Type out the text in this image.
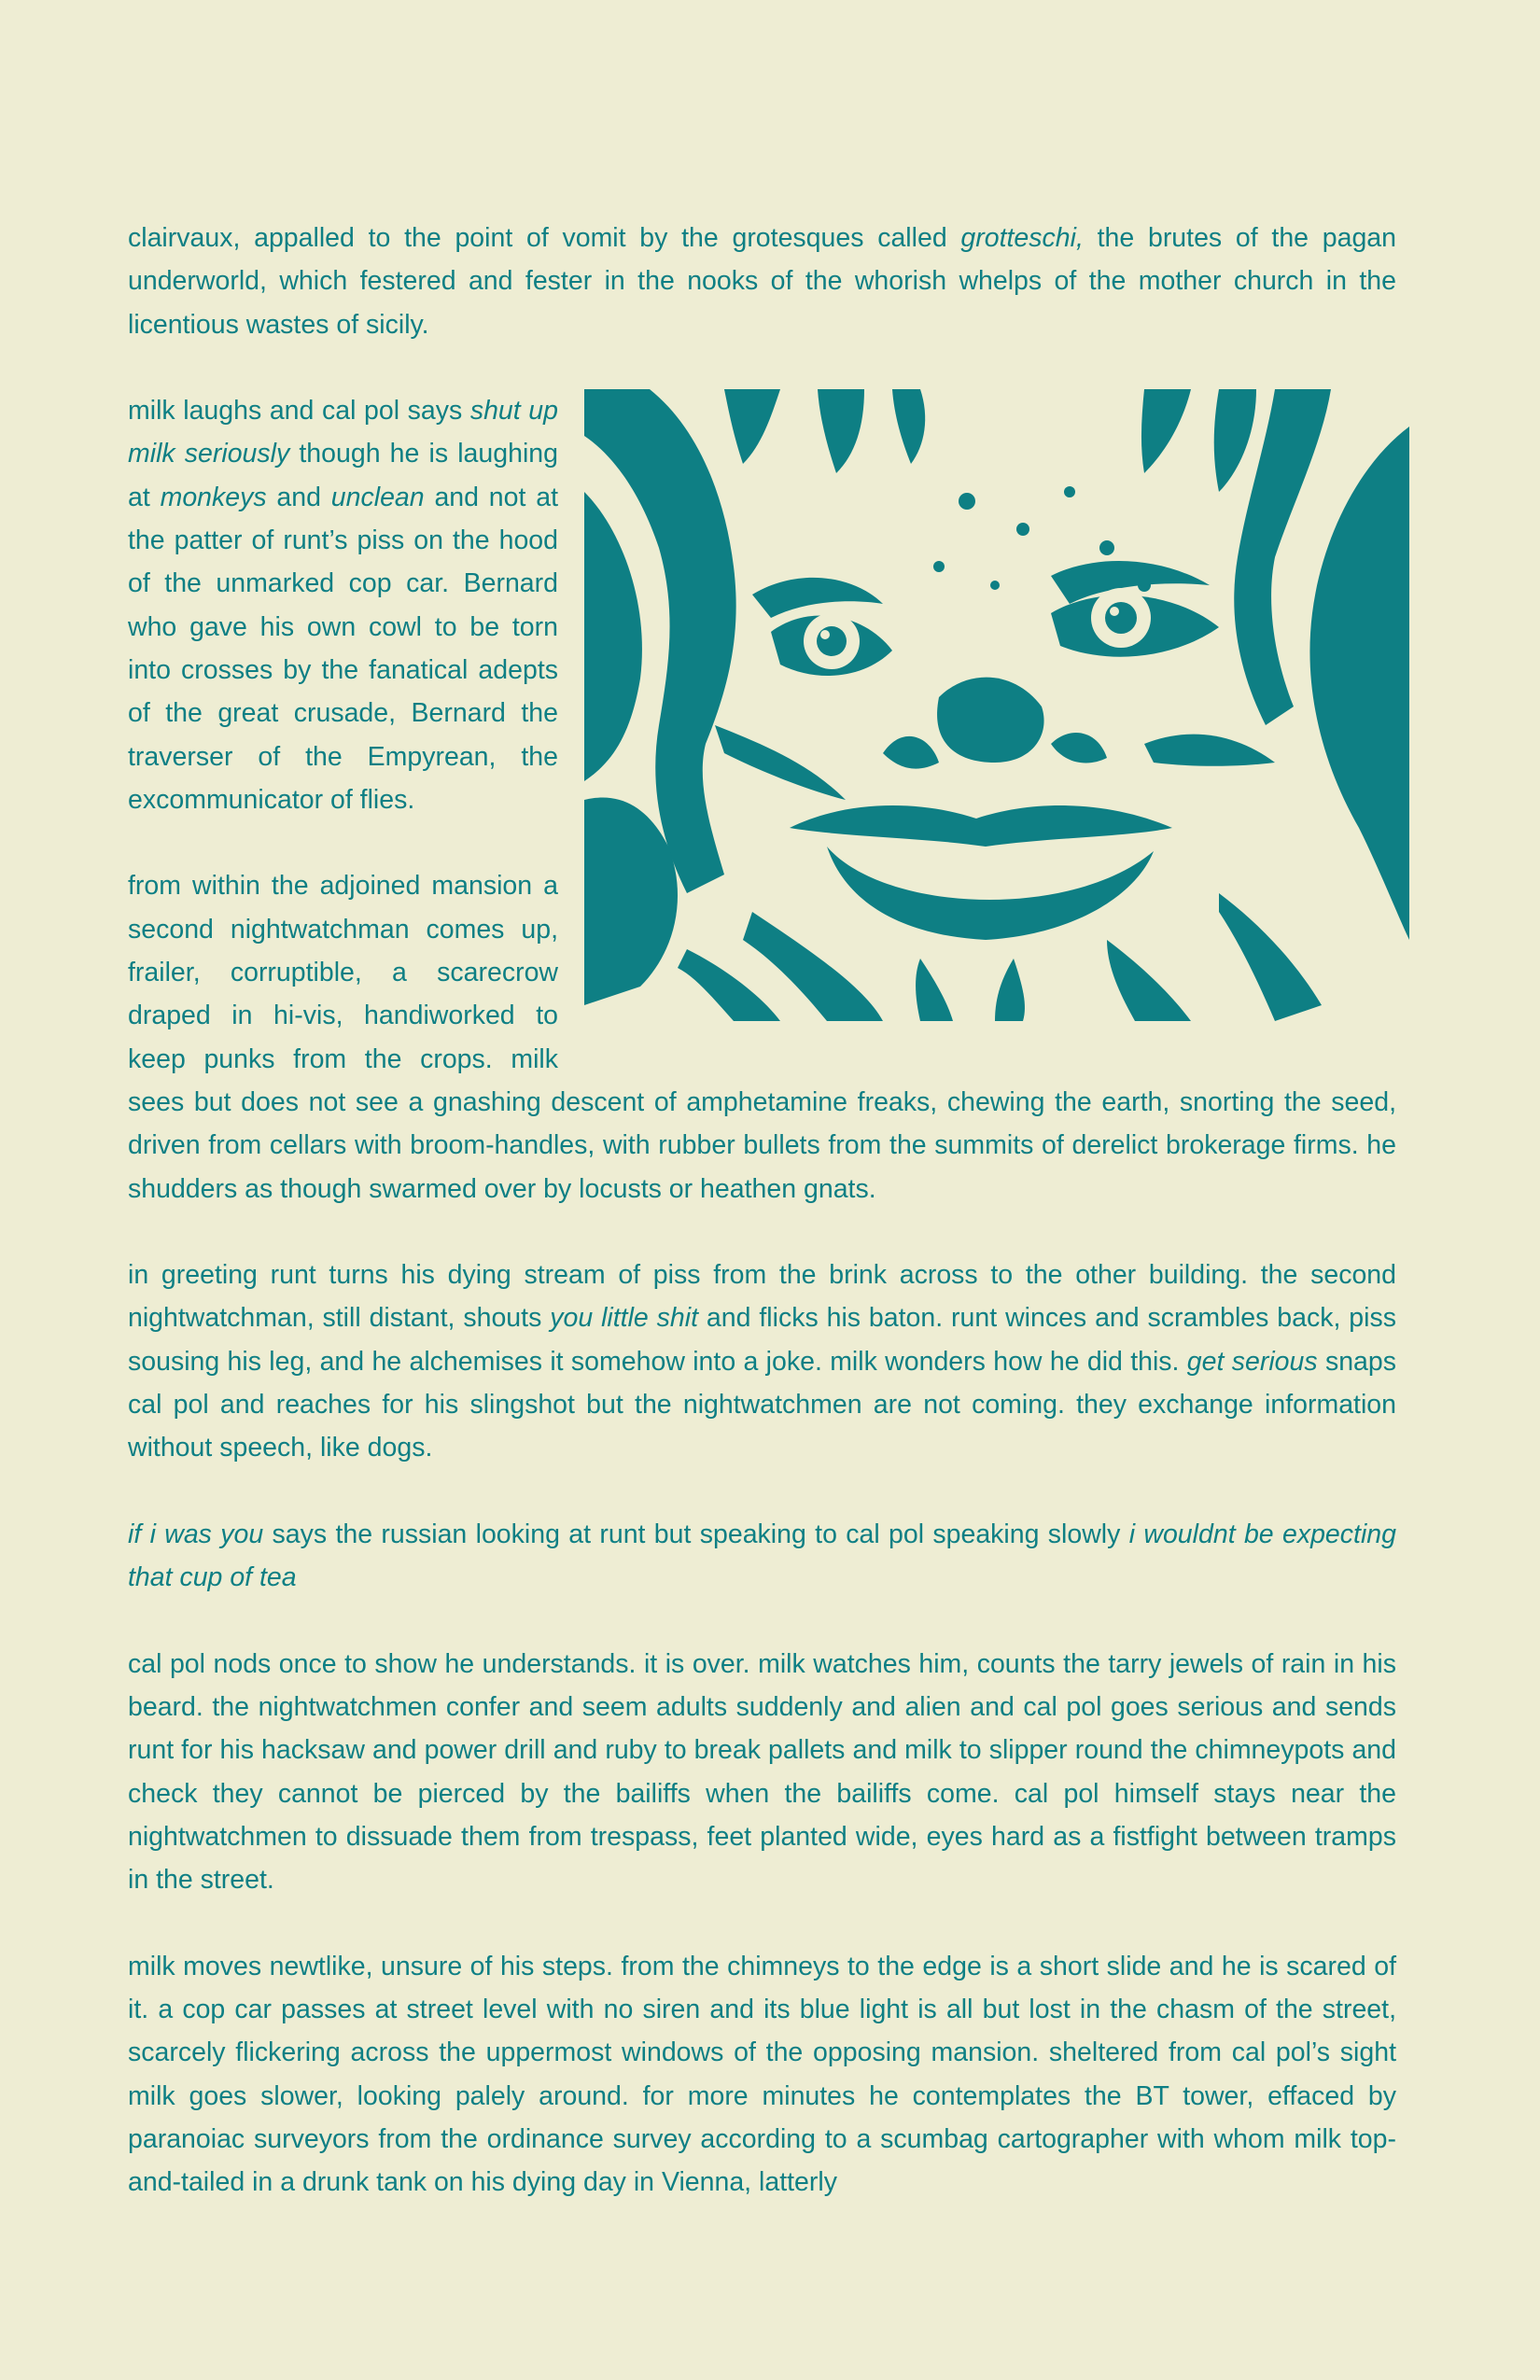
clairvaux, appalled to the point of vomit by the grotesques called grotteschi, the brutes of the pagan underworld, which festered and fester in the nooks of the whorish whelps of the mother church in the licentious wastes of sicily.

milk laughs and cal pol says shut up milk seriously though he is laughing at monkeys and unclean and not at the patter of runt’s piss on the hood of the unmarked cop car. Bernard who gave his own cowl to be torn into crosses by the fanatical adepts of the great crusade, Bernard the traverser of the Empyrean, the excommunicator of flies.

from within the adjoined mansion a second nightwatchman comes up, frailer, corruptible, a scarecrow draped in hi-vis, handiworked to keep punks from the crops. milk sees but does not see a gnashing descent of amphetamine freaks, chewing the earth, snorting the seed, driven from cellars with broom-handles, with rubber bullets from the summits of derelict brokerage firms. he shudders as though swarmed over by locusts or heathen gnats.

in greeting runt turns his dying stream of piss from the brink across to the other building. the second nightwatchman, still distant, shouts you little shit and flicks his baton. runt winces and scrambles back, piss sousing his leg, and he alchemises it somehow into a joke. milk wonders how he did this. get serious snaps cal pol and reaches for his slingshot but the nightwatchmen are not coming. they exchange information without speech, like dogs.

if i was you says the russian looking at runt but speaking to cal pol speaking slowly i wouldnt be expecting that cup of tea

cal pol nods once to show he understands. it is over. milk watches him, counts the tarry jewels of rain in his beard. the nightwatchmen confer and seem adults suddenly and alien and cal pol goes serious and sends runt for his hacksaw and power drill and ruby to break pallets and milk to slipper round the chimneypots and check they cannot be pierced by the bailiffs when the bailiffs come. cal pol himself stays near the nightwatchmen to dissuade them from trespass, feet planted wide, eyes hard as a fistfight between tramps in the street.

milk moves newtlike, unsure of his steps. from the chimneys to the edge is a short slide and he is scared of it. a cop car passes at street level with no siren and its blue light is all but lost in the chasm of the street, scarcely flickering across the uppermost windows of the opposing mansion. sheltered from cal pol’s sight milk goes slower, looking palely around. for more minutes he contemplates the BT tower, effaced by paranoiac surveyors from the ordinance survey according to a scumbag cartographer with whom milk top-and-tailed in a drunk tank on his dying day in Vienna, latterly
